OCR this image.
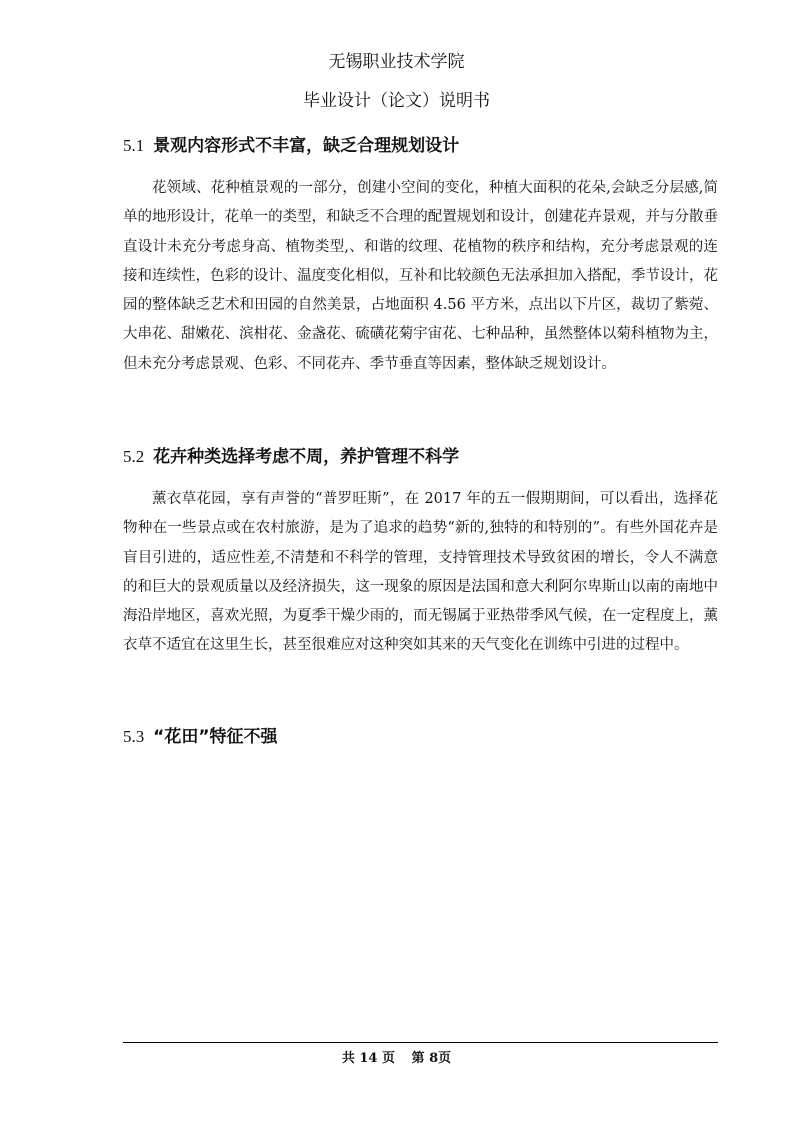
无锡职业技术学院
毕业设计（论文）说明书
5.1 景观内容形式不丰富，缺乏合理规划设计

花领域、花种植景观的一部分，创建小空间的变化，种植大面积的花朵,会缺乏分层感,简单的地形设计，花单一的类型，和缺乏不合理的配置规划和设计，创建花卉景观，并与分散垂直设计未充分考虑身高、植物类型,、和谐的纹理、花植物的秩序和结构，充分考虑景观的连接和连续性，色彩的设计、温度变化相似，互补和比较颜色无法承担加入搭配，季节设计，花园的整体缺乏艺术和田园的自然美景，占地面积 4.56 平方米，点出以下片区，裁切了紫菀、大串花、甜嫩花、滨柑花、金盏花、硫磺花菊宇宙花、七种品种，虽然整体以菊科植物为主，但未充分考虑景观、色彩、不同花卉、季节垂直等因素，整体缺乏规划设计。

5.2 花卉种类选择考虑不周，养护管理不科学

薰衣草花园，享有声誉的“普罗旺斯”，在 2017 年的五一假期期间，可以看出，选择花物种在一些景点或在农村旅游，是为了追求的趋势“新的,独特的和特别的”。有些外国花卉是盲目引进的，适应性差,不清楚和不科学的管理，支持管理技术导致贫困的增长，令人不满意的和巨大的景观质量以及经济损失，这一现象的原因是法国和意大利阿尔卑斯山以南的南地中海沿岸地区，喜欢光照，为夏季干燥少雨的，而无锡属于亚热带季风气候，在一定程度上，薰衣草不适宜在这里生长，甚至很难应对这种突如其来的天气变化在训练中引进的过程中。

5.3 “花田”特征不强
共 14 页 第 8页
